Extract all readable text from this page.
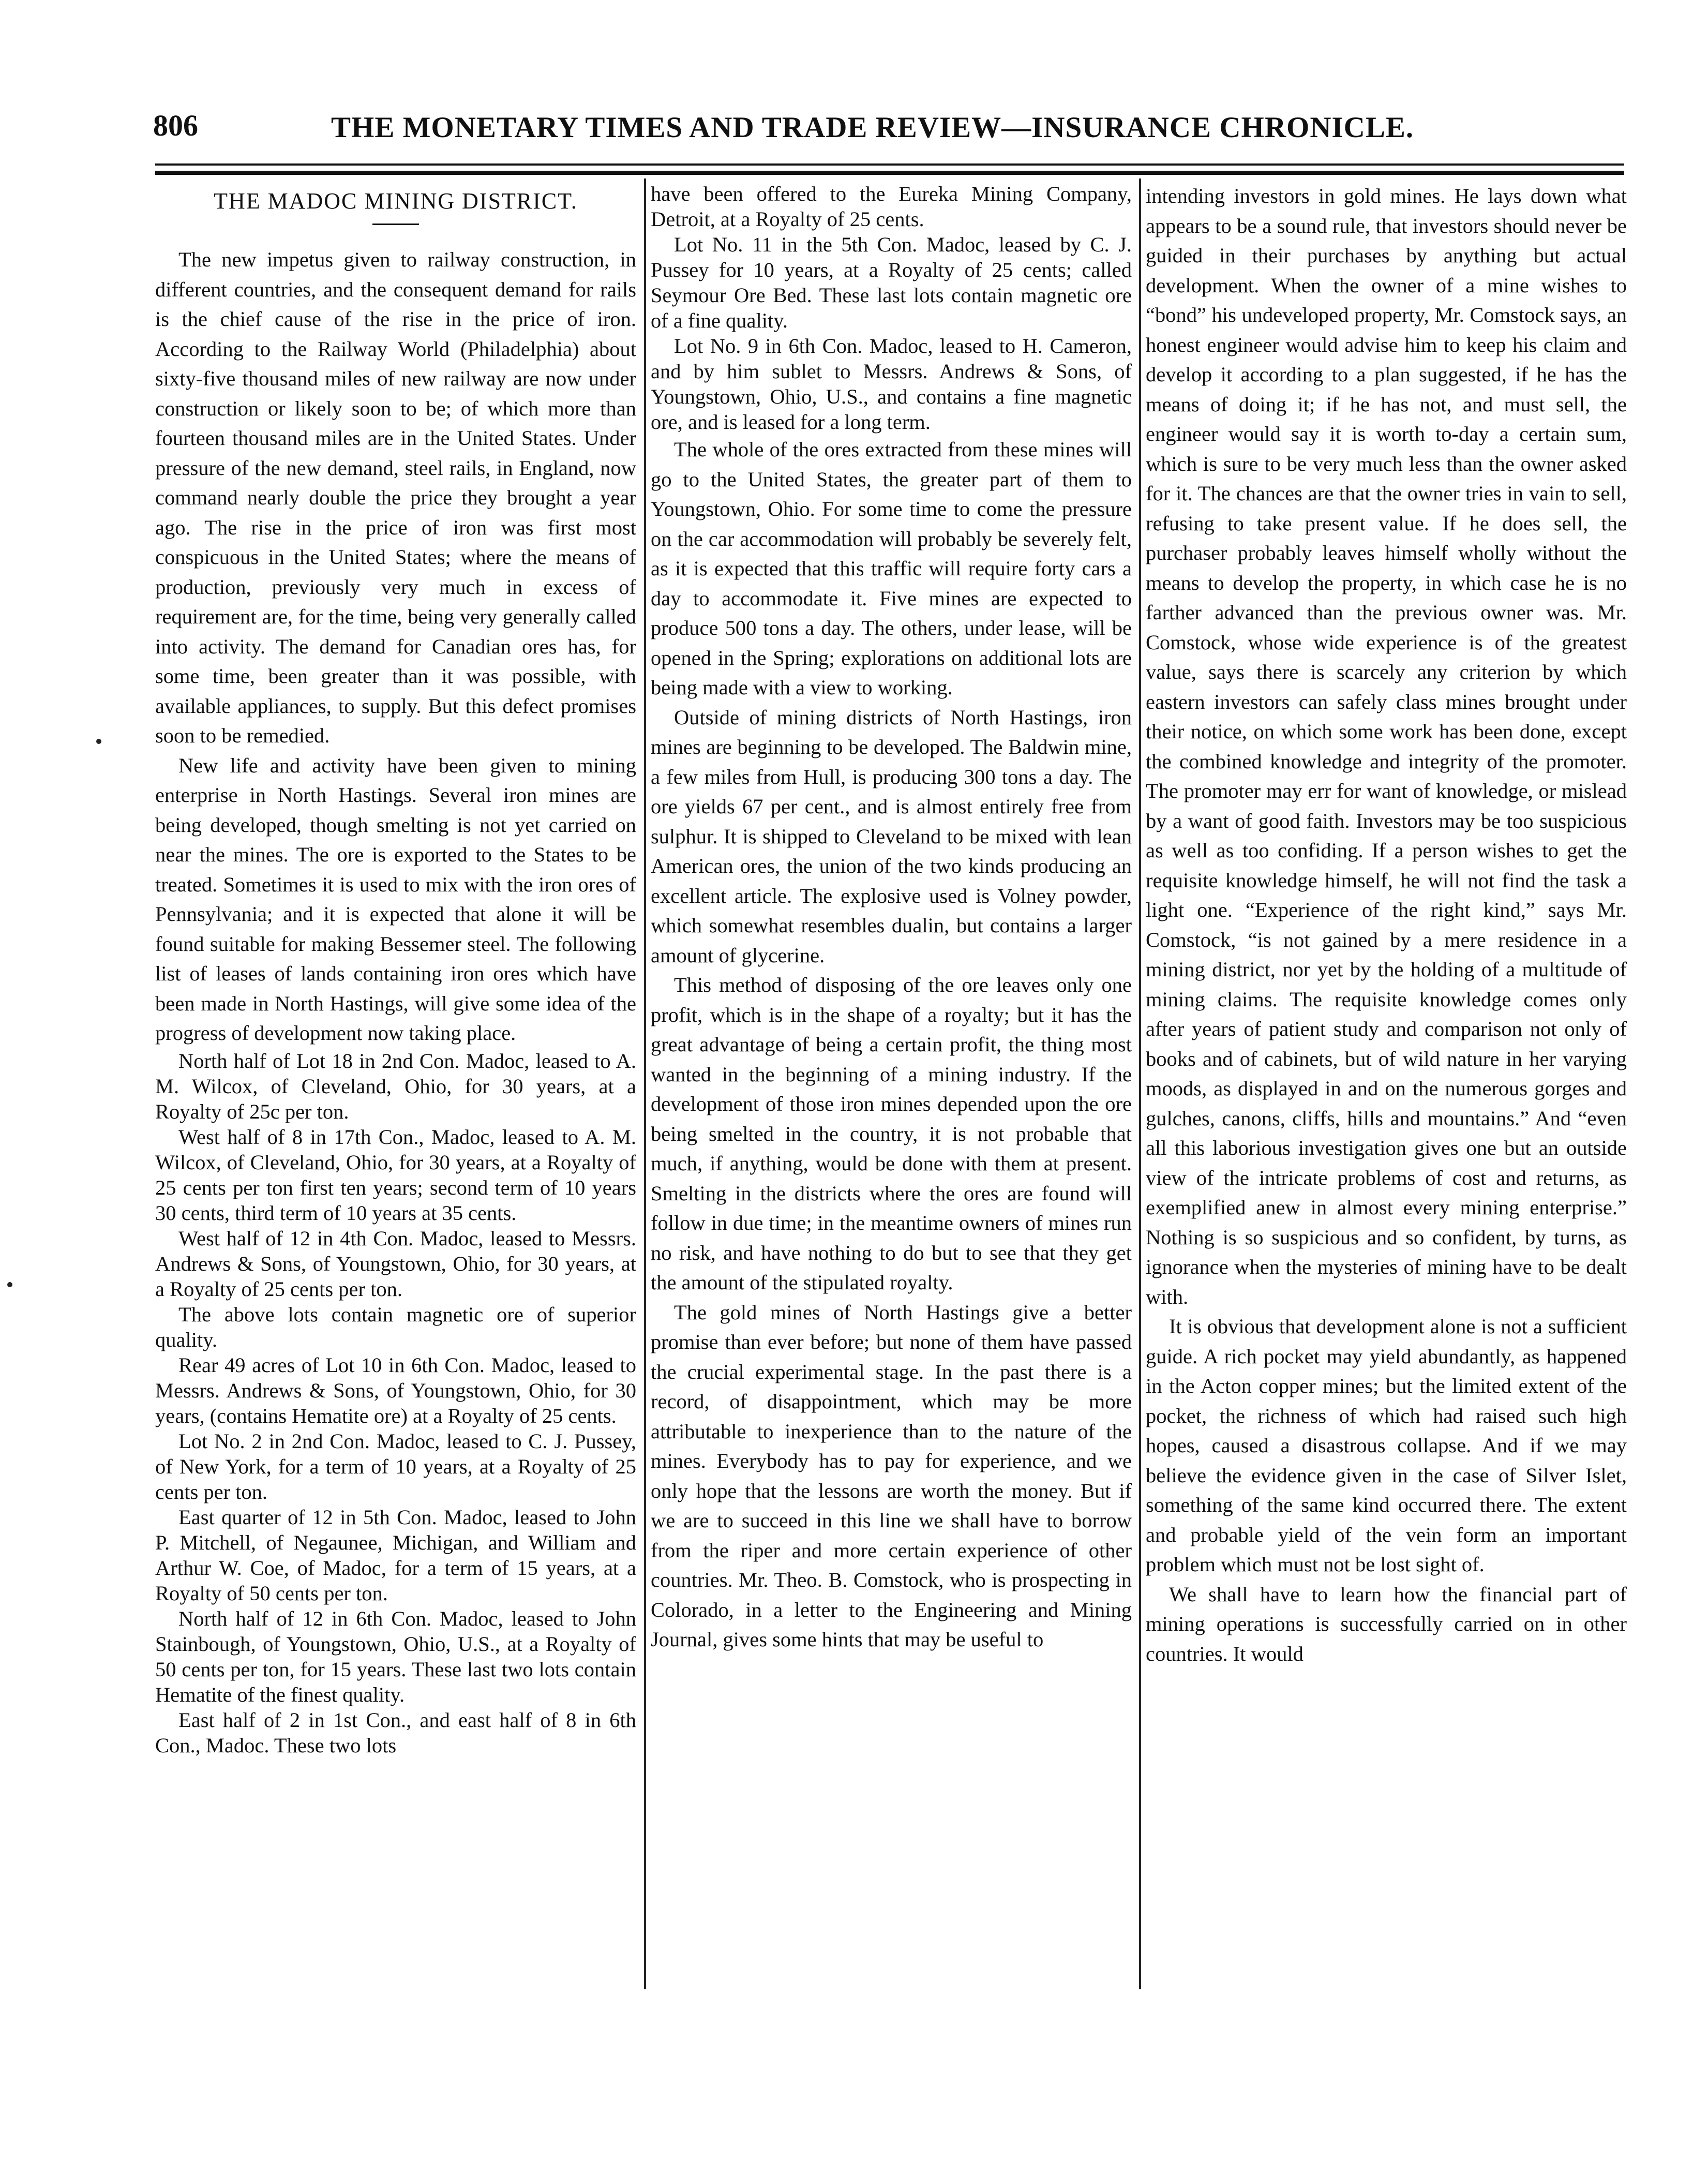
806	THE MONETARY TIMES AND TRADE REVIEW—INSURANCE CHRONICLE.
THE MADOC MINING DISTRICT.

The new impetus given to railway construction, in different countries, and the consequent demand for rails is the chief cause of the rise in the price of iron. According to the Railway World (Philadelphia) about sixty-five thousand miles of new railway are now under construction or likely soon to be; of which more than fourteen thousand miles are in the United States. Under pressure of the new demand, steel rails, in England, now command nearly double the price they brought a year ago. The rise in the price of iron was first most conspicuous in the United States; where the means of production, previously very much in excess of requirement are, for the time, being very generally called into activity. The demand for Canadian ores has, for some time, been greater than it was possible, with available appliances, to supply. But this defect promises soon to be remedied.

New life and activity have been given to mining enterprise in North Hastings. Several iron mines are being developed, though smelting is not yet carried on near the mines. The ore is exported to the States to be treated. Sometimes it is used to mix with the iron ores of Pennsylvania; and it is expected that alone it will be found suitable for making Bessemer steel. The following list of leases of lands containing iron ores which have been made in North Hastings, will give some idea of the progress of development now taking place.

North half of Lot 18 in 2nd Con. Madoc, leased to A. M. Wilcox, of Cleveland, Ohio, for 30 years, at a Royalty of 25c per ton.

West half of 8 in 17th Con., Madoc, leased to A. M. Wilcox, of Cleveland, Ohio, for 30 years, at a Royalty of 25 cents per ton first ten years; second term of 10 years 30 cents, third term of 10 years at 35 cents.

West half of 12 in 4th Con. Madoc, leased to Messrs. Andrews & Sons, of Youngstown, Ohio, for 30 years, at a Royalty of 25 cents per ton.

The above lots contain magnetic ore of superior quality.

Rear 49 acres of Lot 10 in 6th Con. Madoc, leased to Messrs. Andrews & Sons, of Youngstown, Ohio, for 30 years, (contains Hematite ore) at a Royalty of 25 cents.

Lot No. 2 in 2nd Con. Madoc, leased to C. J. Pussey, of New York, for a term of 10 years, at a Royalty of 25 cents per ton.

East quarter of 12 in 5th Con. Madoc, leased to John P. Mitchell, of Negaunee, Michigan, and William and Arthur W. Coe, of Madoc, for a term of 15 years, at a Royalty of 50 cents per ton.

North half of 12 in 6th Con. Madoc, leased to John Stainbough, of Youngstown, Ohio, U.S., at a Royalty of 50 cents per ton, for 15 years. These last two lots contain Hematite of the finest quality.

East half of 2 in 1st Con., and east half of 8 in 6th Con., Madoc. These two lots

have been offered to the Eureka Mining Company, Detroit, at a Royalty of 25 cents.

Lot No. 11 in the 5th Con. Madoc, leased by C. J. Pussey for 10 years, at a Royalty of 25 cents; called Seymour Ore Bed. These last lots contain magnetic ore of a fine quality.

Lot No. 9 in 6th Con. Madoc, leased to H. Cameron, and by him sublet to Messrs. Andrews & Sons, of Youngstown, Ohio, U.S., and contains a fine magnetic ore, and is leased for a long term.

The whole of the ores extracted from these mines will go to the United States, the greater part of them to Youngstown, Ohio. For some time to come the pressure on the car accommodation will probably be severely felt, as it is expected that this traffic will require forty cars a day to accommodate it. Five mines are expected to produce 500 tons a day. The others, under lease, will be opened in the Spring; explorations on additional lots are being made with a view to working.

Outside of mining districts of North Hastings, iron mines are beginning to be developed. The Baldwin mine, a few miles from Hull, is producing 300 tons a day. The ore yields 67 per cent., and is almost entirely free from sulphur. It is shipped to Cleveland to be mixed with lean American ores, the union of the two kinds producing an excellent article. The explosive used is Volney powder, which somewhat resembles dualin, but contains a larger amount of glycerine.

This method of disposing of the ore leaves only one profit, which is in the shape of a royalty; but it has the great advantage of being a certain profit, the thing most wanted in the beginning of a mining industry. If the development of those iron mines depended upon the ore being smelted in the country, it is not probable that much, if anything, would be done with them at present. Smelting in the districts where the ores are found will follow in due time; in the meantime owners of mines run no risk, and have nothing to do but to see that they get the amount of the stipulated royalty.

The gold mines of North Hastings give a better promise than ever before; but none of them have passed the crucial experimental stage. In the past there is a record, of disappointment, which may be more attributable to inexperience than to the nature of the mines. Everybody has to pay for experience, and we only hope that the lessons are worth the money. But if we are to succeed in this line we shall have to borrow from the riper and more certain experience of other countries. Mr. Theo. B. Comstock, who is prospecting in Colorado, in a letter to the Engineering and Mining Journal, gives some hints that may be useful to

intending investors in gold mines. He lays down what appears to be a sound rule, that investors should never be guided in their purchases by anything but actual development. When the owner of a mine wishes to “bond” his undeveloped property, Mr. Comstock says, an honest engineer would advise him to keep his claim and develop it according to a plan suggested, if he has the means of doing it; if he has not, and must sell, the engineer would say it is worth to-day a certain sum, which is sure to be very much less than the owner asked for it. The chances are that the owner tries in vain to sell, refusing to take present value. If he does sell, the purchaser probably leaves himself wholly without the means to develop the property, in which case he is no farther advanced than the previous owner was. Mr. Comstock, whose wide experience is of the greatest value, says there is scarcely any criterion by which eastern investors can safely class mines brought under their notice, on which some work has been done, except the combined knowledge and integrity of the promoter. The promoter may err for want of knowledge, or mislead by a want of good faith. Investors may be too suspicious as well as too confiding. If a person wishes to get the requisite knowledge himself, he will not find the task a light one. “Experience of the right kind,” says Mr. Comstock, “is not gained by a mere residence in a mining district, nor yet by the holding of a multitude of mining claims. The requisite knowledge comes only after years of patient study and comparison not only of books and of cabinets, but of wild nature in her varying moods, as displayed in and on the numerous gorges and gulches, canons, cliffs, hills and mountains.” And “even all this laborious investigation gives one but an outside view of the intricate problems of cost and returns, as exemplified anew in almost every mining enterprise.” Nothing is so suspicious and so confident, by turns, as ignorance when the mysteries of mining have to be dealt with.

It is obvious that development alone is not a sufficient guide. A rich pocket may yield abundantly, as happened in the Acton copper mines; but the limited extent of the pocket, the richness of which had raised such high hopes, caused a disastrous collapse. And if we may believe the evidence given in the case of Silver Islet, something of the same kind occurred there. The extent and probable yield of the vein form an important problem which must not be lost sight of.

We shall have to learn how the financial part of mining operations is successfully carried on in other countries. It would
